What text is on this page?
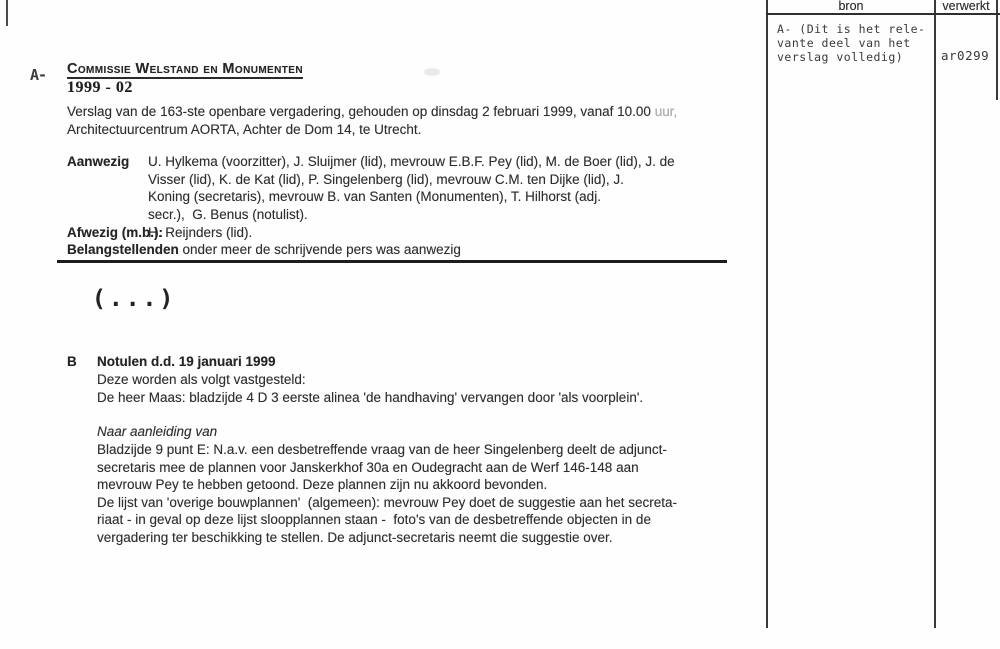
A- Commissie Welstand en Monumenten
1999 - 02
Verslag van de 163-ste openbare vergadering, gehouden op dinsdag 2 februari 1999, vanaf 10.00 uur,
Architectuurcentrum AORTA, Achter de Dom 14, te Utrecht.
Aanwezig U. Hylkema (voorzitter), J. Sluijmer (lid), mevrouw E.B.F. Pey (lid), M. de Boer (lid), J. de
Visser (lid), K. de Kat (lid), P. Singelenberg (lid), mevrouw C.M. ten Dijke (lid), J.
Koning (secretaris), mevrouw B. van Santen (Monumenten), T. Hilhorst (adj.
secr.),  G. Benus (notulist).
Afwezig (m.b.):
H. Reijnders (lid).
Belangstellenden onder meer de schrijvende pers was aanwezig
(...)
B Notulen d.d. 19 januari 1999
Deze worden als volgt vastgesteld:
De heer Maas: bladzijde 4 D 3 eerste alinea 'de handhaving' vervangen door 'als voorplein'.
Naar aanleiding van
Bladzijde 9 punt E: N.a.v. een desbetreffende vraag van de heer Singelenberg deelt de adjunct-
secretaris mee de plannen voor Janskerkhof 30a en Oudegracht aan de Werf 146-148 aan
mevrouw Pey te hebben getoond. Deze plannen zijn nu akkoord bevonden.
De lijst van 'overige bouwplannen'  (algemeen): mevrouw Pey doet de suggestie aan het secreta-
riaat - in geval op deze lijst sloopplannen staan -  foto's van de desbetreffende objecten in de
vergadering ter beschikking te stellen. De adjunct-secretaris neemt die suggestie over.
bron	verwerkt
A- (Dit is het rele-
vante deel van het
verslag volledig)	ar0299
